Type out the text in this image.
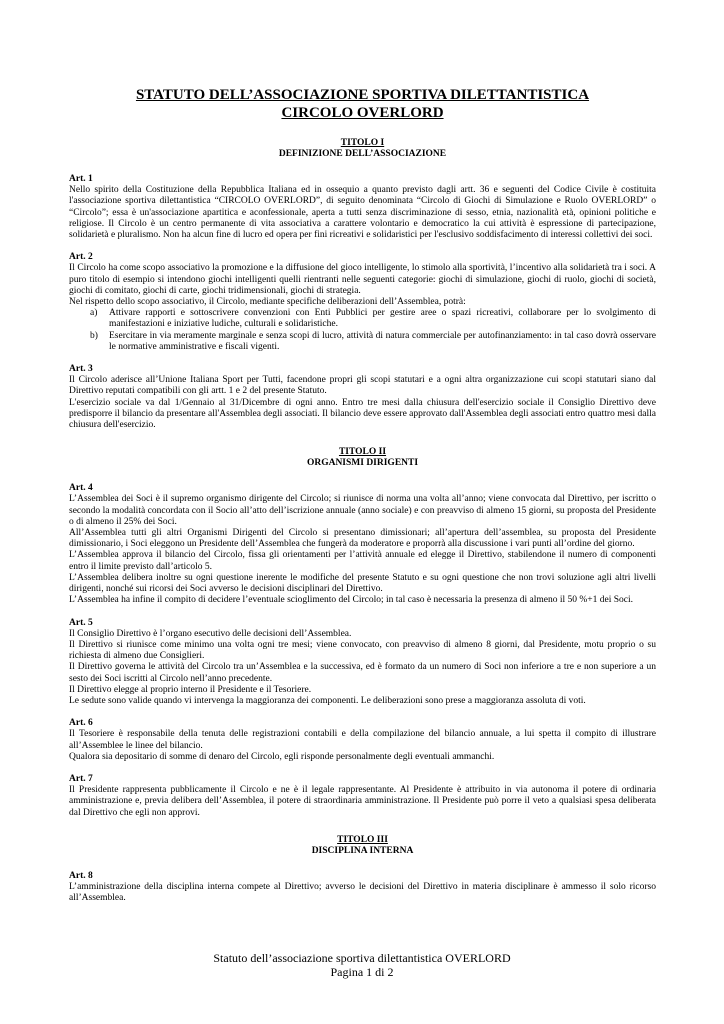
STATUTO DELL’ASSOCIAZIONE SPORTIVA DILETTANTISTICA
CIRCOLO OVERLORD
TITOLO I
DEFINIZIONE DELL’ASSOCIAZIONE
Art. 1

Nello spirito della Costituzione della Repubblica Italiana ed in ossequio a quanto previsto dagli artt. 36 e seguenti del Codice Civile è costituita l'associazione sportiva dilettantistica “CIRCOLO OVERLORD”, di seguito denominata “Circolo di Giochi di Simulazione e Ruolo OVERLORD” o “Circolo”; essa è un'associazione apartitica e aconfessionale, aperta a tutti senza discriminazione di sesso, etnia, nazionalità età, opinioni politiche e religiose. Il Circolo è un centro permanente di vita associativa a carattere volontario e democratico la cui attività è espressione di partecipazione, solidarietà e pluralismo. Non ha alcun fine di lucro ed opera per fini ricreativi e solidaristici per l'esclusivo soddisfacimento di interessi collettivi dei soci.

Art. 2

Il Circolo ha come scopo associativo la promozione e la diffusione del gioco intelligente, lo stimolo alla sportività, l’incentivo alla solidarietà tra i soci. A puro titolo di esempio si intendono giochi intelligenti quelli rientranti nelle seguenti categorie: giochi di simulazione, giochi di ruolo, giochi di società, giochi di comitato, giochi di carte, giochi tridimensionali, giochi di strategia.

Nel rispetto dello scopo associativo, il Circolo, mediante specifiche deliberazioni dell’Assemblea, potrà:

a)	Attivare rapporti e sottoscrivere convenzioni con Enti Pubblici per gestire aree o spazi ricreativi, collaborare per lo svolgimento di manifestazioni e iniziative ludiche, culturali e solidaristiche.
b)	Esercitare in via meramente marginale e senza scopi di lucro, attività di natura commerciale per autofinanziamento: in tal caso dovrà osservare le normative amministrative e fiscali vigenti.
Art. 3

Il Circolo aderisce all’Unione Italiana Sport per Tutti, facendone propri gli scopi statutari e a ogni altra organizzazione cui scopi statutari siano dal Direttivo reputati compatibili con gli artt. 1 e 2 del presente Statuto.

L'esercizio sociale va dal 1/Gennaio al 31/Dicembre di ogni anno. Entro tre mesi dalla chiusura dell'esercizio sociale il Consiglio Direttivo deve predisporre il bilancio da presentare all'Assemblea degli associati. Il bilancio deve essere approvato dall'Assemblea degli associati entro quattro mesi dalla chiusura dell'esercizio.

TITOLO II
ORGANISMI DIRIGENTI
Art. 4

L’Assemblea dei Soci è il supremo organismo dirigente del Circolo; si riunisce di norma una volta all’anno; viene convocata dal Direttivo, per iscritto o secondo la modalità concordata con il Socio all’atto dell’iscrizione annuale (anno sociale) e con preavviso di almeno 15 giorni, su proposta del Presidente o di almeno il 25% dei Soci.

All’Assemblea tutti gli altri Organismi Dirigenti del Circolo si presentano dimissionari; all’apertura dell’assemblea, su proposta del Presidente dimissionario, i Soci eleggono un Presidente dell’Assemblea che fungerà da moderatore e proporrà alla discussione i vari punti all’ordine del giorno.

L’Assemblea approva il bilancio del Circolo, fissa gli orientamenti per l’attività annuale ed elegge il Direttivo, stabilendone il numero di componenti entro il limite previsto dall’articolo 5.

L’Assemblea delibera inoltre su ogni questione inerente le modifiche del presente Statuto e su ogni questione che non trovi soluzione agli altri livelli dirigenti, nonché sui ricorsi dei Soci avverso le decisioni disciplinari del Direttivo.

L’Assemblea ha infine il compito di decidere l’eventuale scioglimento del Circolo; in tal caso è necessaria la presenza di almeno il 50 %+1 dei Soci.

Art. 5

Il Consiglio Direttivo è l’organo esecutivo delle decisioni dell’Assemblea.

Il Direttivo si riunisce come minimo una volta ogni tre mesi; viene convocato, con preavviso di almeno 8 giorni, dal Presidente, motu proprio o su richiesta di almeno due Consiglieri.

Il Direttivo governa le attività del Circolo tra un’Assemblea e la successiva, ed è formato da un numero di Soci non inferiore a tre e non superiore a un sesto dei Soci iscritti al Circolo nell’anno precedente.

Il Direttivo elegge al proprio interno il Presidente e il Tesoriere.

Le sedute sono valide quando vi intervenga la maggioranza dei componenti. Le deliberazioni sono prese a maggioranza assoluta di voti.

Art. 6

Il Tesoriere è responsabile della tenuta delle registrazioni contabili e della compilazione del bilancio annuale, a lui spetta il compito di illustrare all’Assemblee le linee del bilancio.

Qualora sia depositario di somme di denaro del Circolo, egli risponde personalmente degli eventuali ammanchi.

Art. 7

Il Presidente rappresenta pubblicamente il Circolo e ne è il legale rappresentante. Al Presidente è attribuito in via autonoma il potere di ordinaria amministrazione e, previa delibera dell’Assemblea, il potere di straordinaria amministrazione. Il Presidente può porre il veto a qualsiasi spesa deliberata dal Direttivo che egli non approvi.

TITOLO III
DISCIPLINA INTERNA
Art. 8

L’amministrazione della disciplina interna compete al Direttivo; avverso le decisioni del Direttivo in materia disciplinare è ammesso il solo ricorso all’Assemblea.

Statuto dell’associazione sportiva dilettantistica OVERLORD
Pagina 1 di 2
